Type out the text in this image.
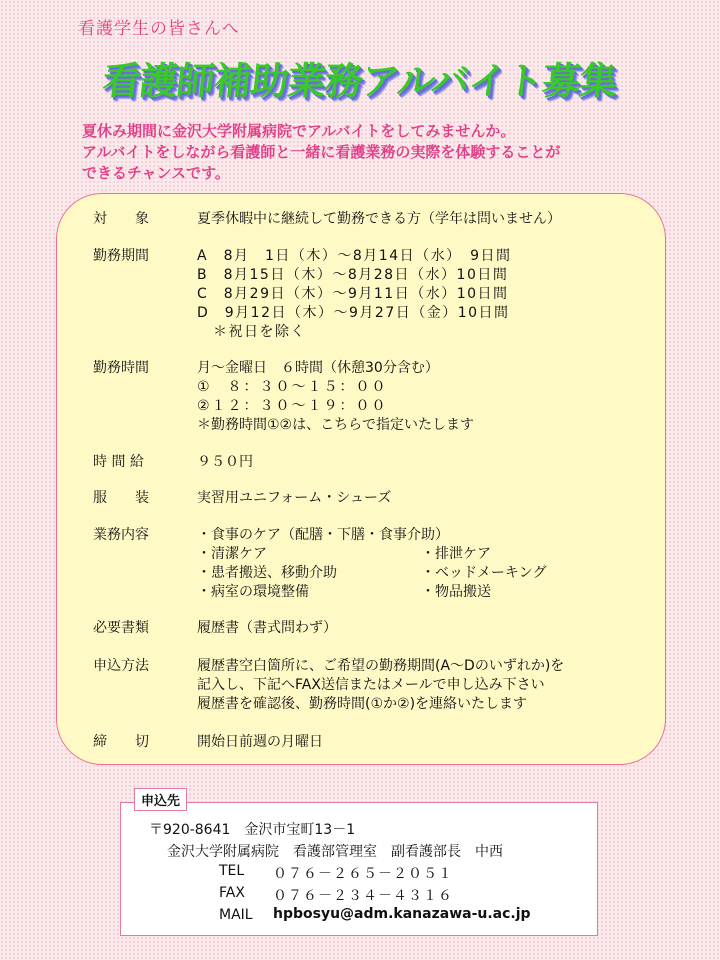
看護学生の皆さんへ
看護師補助業務アルバイト募集
夏休み期間に金沢大学附属病院でアルバイトをしてみませんか。
アルバイトをしながら看護師と一緒に看護業務の実際を体験することが
できるチャンスです。
対　　象	夏季休暇中に継続して勤務できる方（学年は問いません）
勤務期間	A　8月　1日（木）～8月14日（水）　9日間
B　8月15日（木）～8月28日（水）10日間
C　8月29日（木）～9月11日（水）10日間
D　9月12日（木）～9月27日（金）10日間
＊祝日を除く
勤務時間	月～金曜日　６時間（休憩30分含む）
①　８：３０～１５：００
②１２：３０～１９：００
＊勤務時間①②は、こちらで指定いたします
時 間 給	９５０円
服　　装	実習用ユニフォーム・シューズ
業務内容	・食事のケア（配膳・下膳・食事介助）
・清潔ケア	・排泄ケア
・患者搬送、移動介助	・ベッドメーキング
・病室の環境整備	・物品搬送
必要書類	履歴書（書式問わず）
申込方法	履歴書空白箇所に、ご希望の勤務期間(A～Dのいずれか)を
記入し、下記へFAX送信またはメールで申し込み下さい
履歴書を確認後、勤務時間(①か②)を連絡いたします
締　　切	開始日前週の月曜日
〒920-8641　金沢市宝町13－1
金沢大学附属病院　看護部管理室　副看護部長　中西
TEL ０７６－２６５－２０５１
FAX ０７６－２３４－４３１６
MAIL hpbosyu@adm.kanazawa-u.ac.jp
申込先
